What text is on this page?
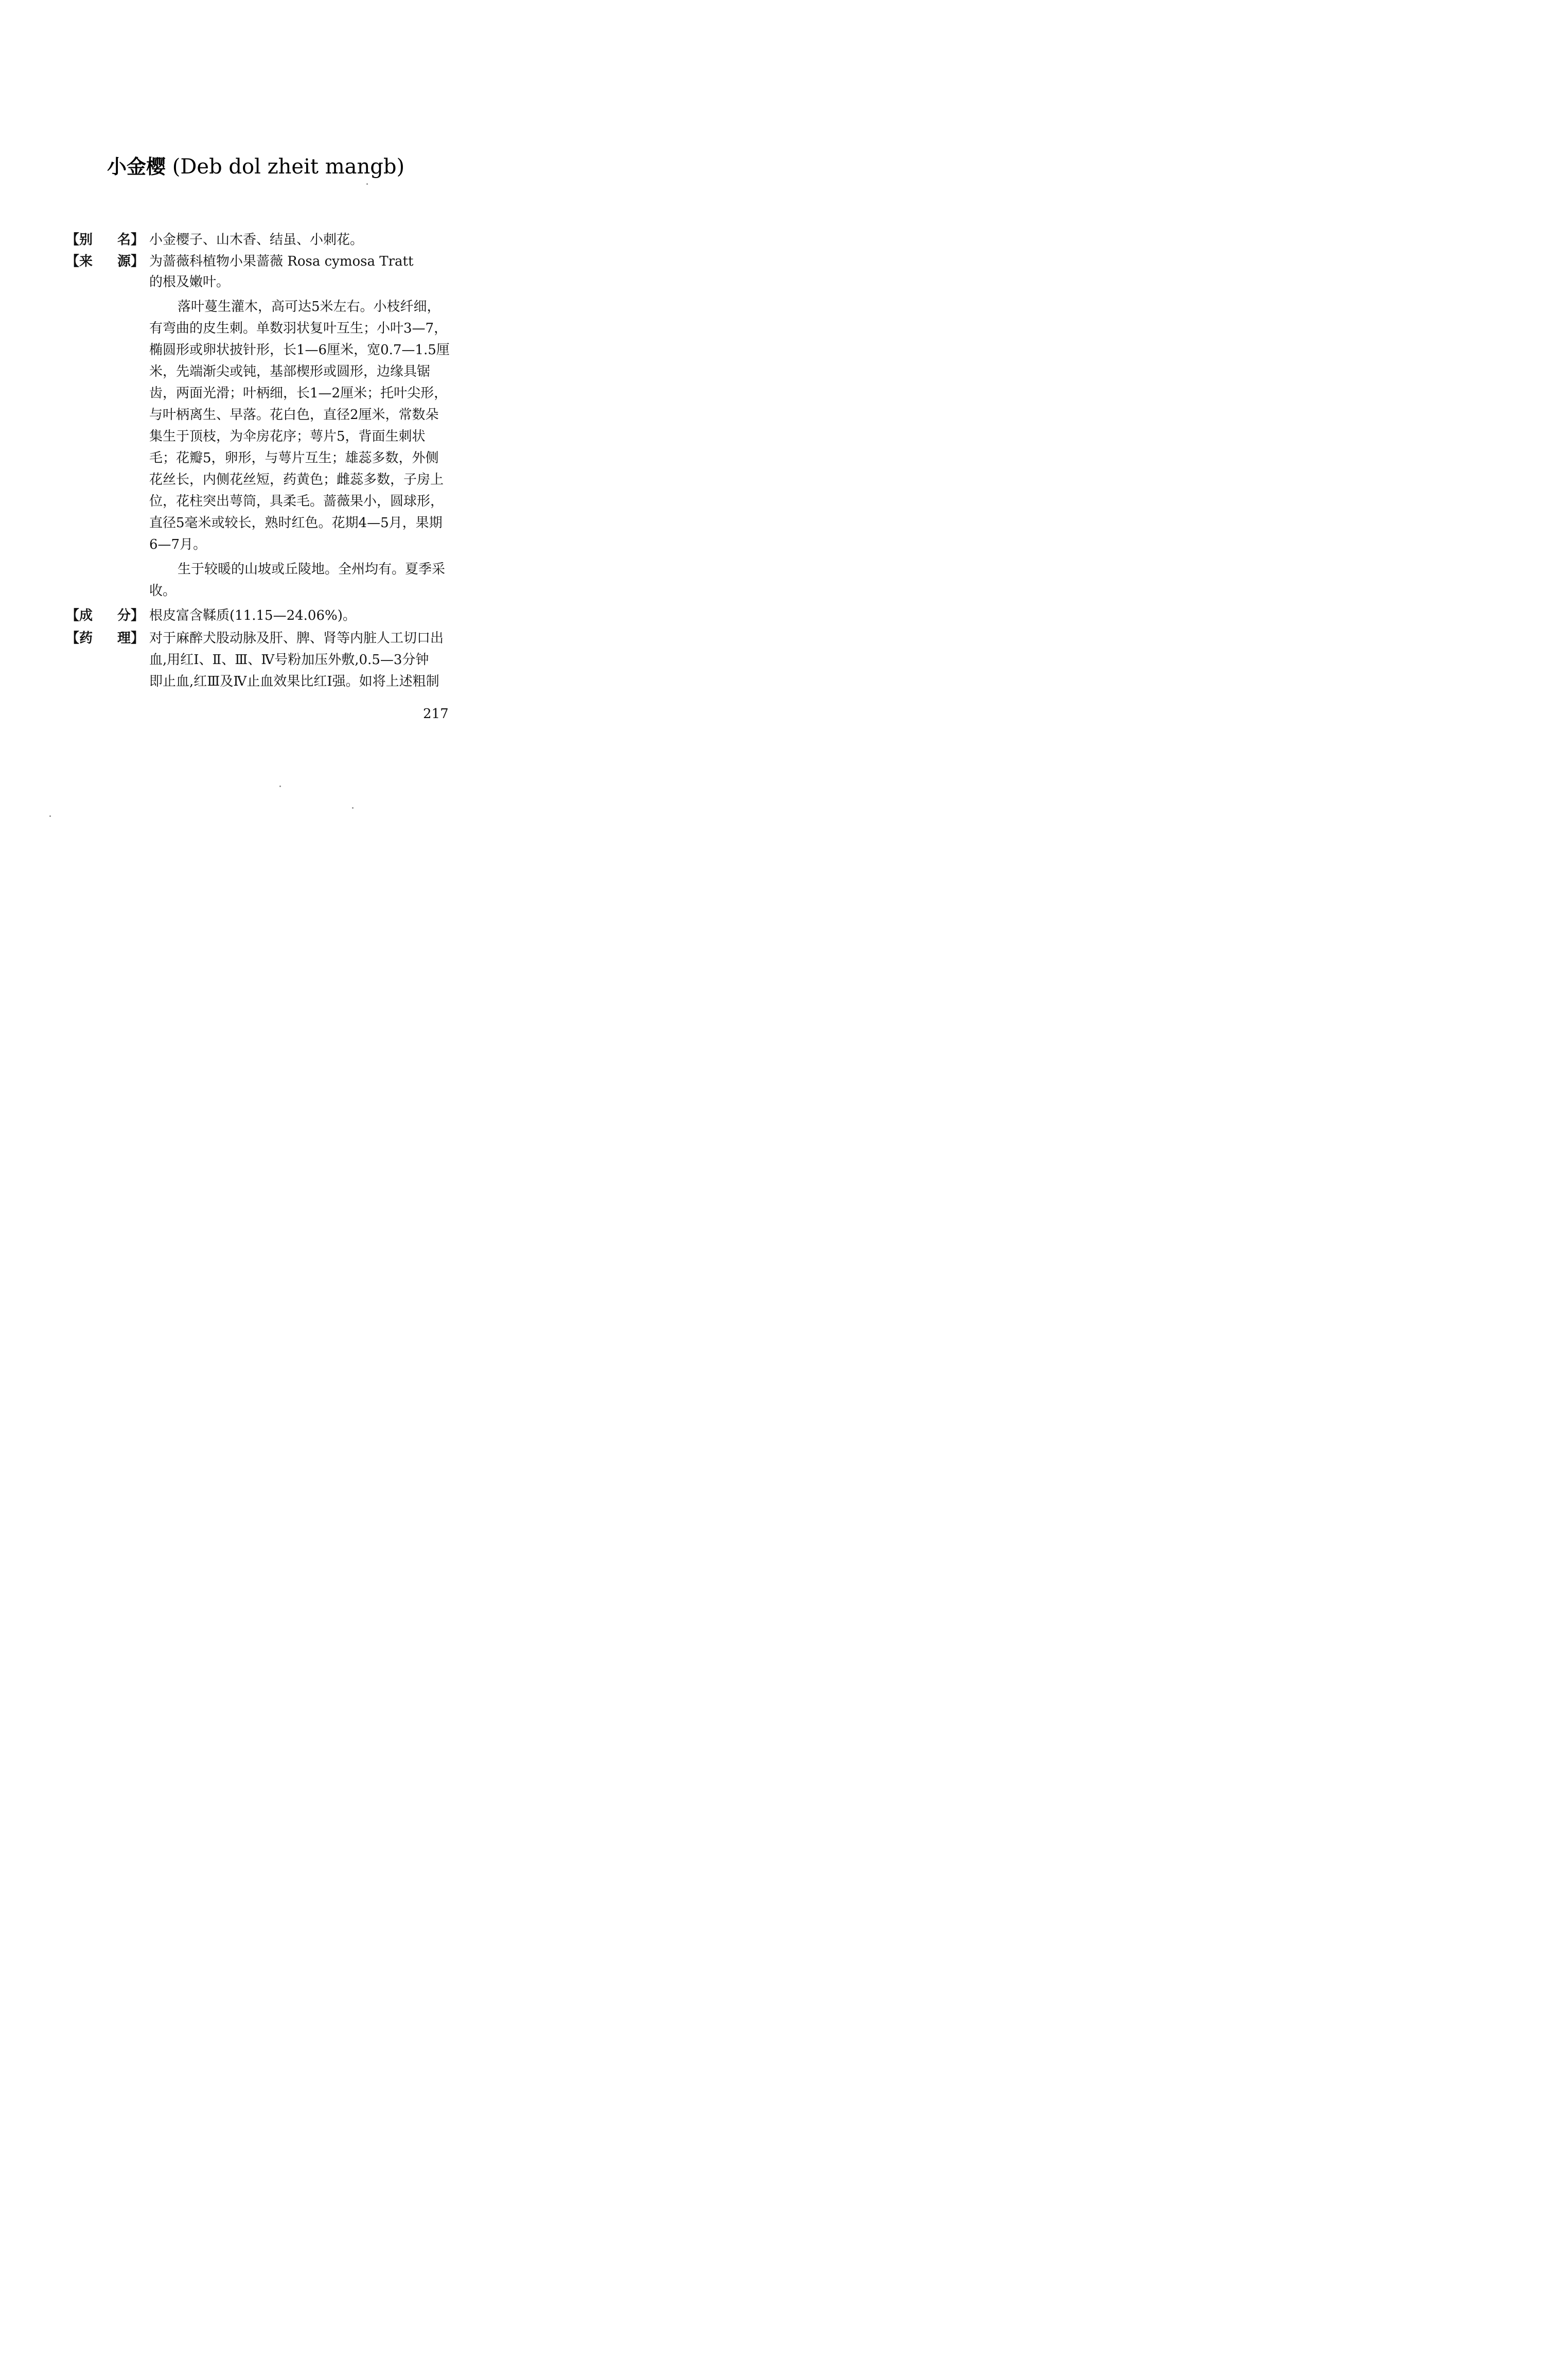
小金樱 (Deb dol zheit mangb)
【别 名】 小金樱子、山木香、结虽、小刺花。
【来 源】 为蔷薇科植物小果蔷薇 Rosa cymosa Tratt
的根及嫩叶。
落叶蔓生灌木，高可达5米左右。小枝纤细，
有弯曲的皮生刺。单数羽状复叶互生；小叶3—7，
椭圆形或卵状披针形，长1—6厘米，宽0.7—1.5厘
米，先端渐尖或钝，基部楔形或圆形，边缘具锯
齿，两面光滑；叶柄细，长1—2厘米；托叶尖形，
与叶柄离生、早落。花白色，直径2厘米，常数朵
集生于顶枝，为伞房花序；萼片5，背面生刺状
毛；花瓣5，卵形，与萼片互生；雄蕊多数，外侧
花丝长，内侧花丝短，药黄色；雌蕊多数，子房上
位，花柱突出萼筒，具柔毛。蔷薇果小，圆球形，
直径5毫米或较长，熟时红色。花期4—5月，果期
6—7月。
生于较暖的山坡或丘陵地。全州均有。夏季采
收。
【成 分】 根皮富含鞣质(11.15—24.06%)。
【药 理】 对于麻醉犬股动脉及肝、脾、肾等内脏人工切口出
血,用红Ⅰ、Ⅱ、Ⅲ、Ⅳ号粉加压外敷,0.5—3分钟
即止血,红Ⅲ及Ⅳ止血效果比红Ⅰ强。如将上述粗制
217
